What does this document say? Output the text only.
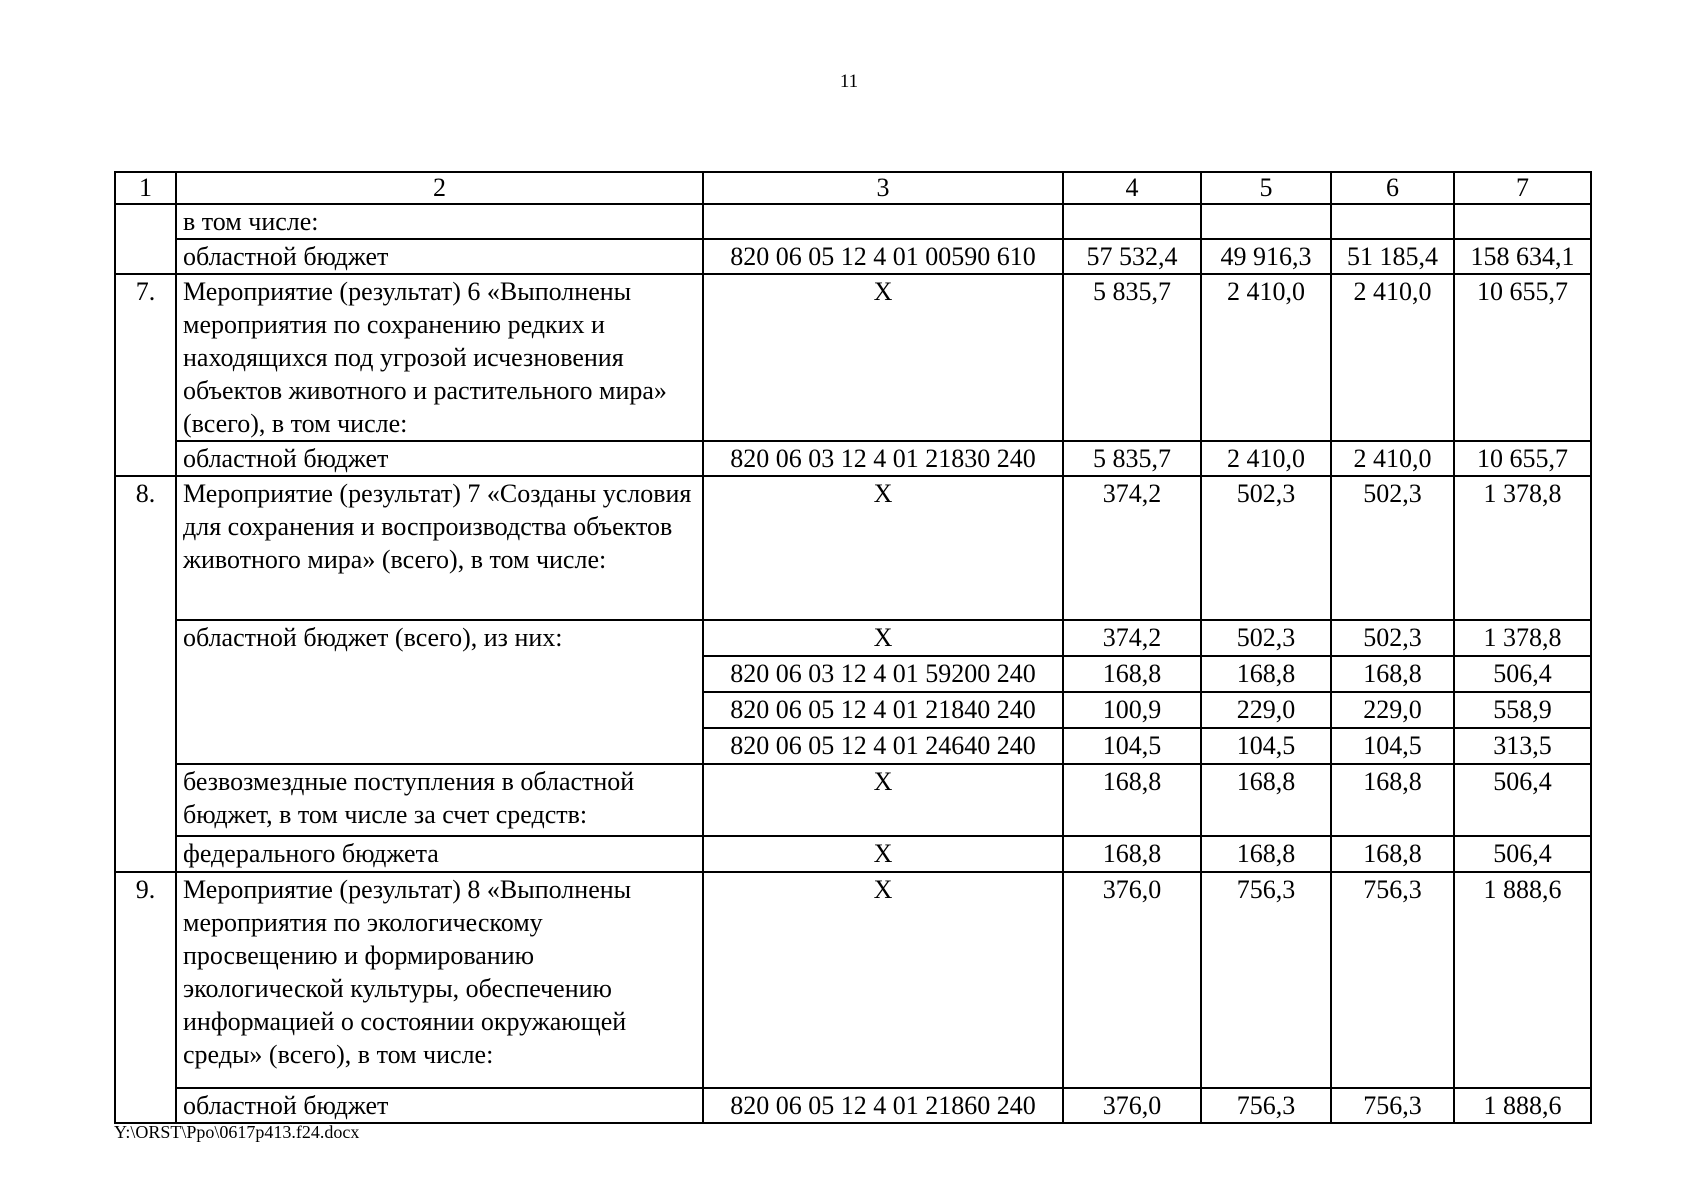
11
1	2	3	4	5	6	7
	в том числе:					
	областной бюджет	820 06 05 12 4 01 00590 610	57 532,4	49 916,3	51 185,4	158 634,1
7.	Мероприятие (результат) 6 «Выполнены мероприятия по сохранению редких и находящихся под угрозой исчезновения объектов животного и растительного мира» (всего), в том числе:	X	5 835,7	2 410,0	2 410,0	10 655,7
	областной бюджет	820 06 03 12 4 01 21830 240	5 835,7	2 410,0	2 410,0	10 655,7
8.	Мероприятие (результат) 7 «Созданы условия для сохранения и воспроизводства объектов животного мира» (всего), в том числе:	X	374,2	502,3	502,3	1 378,8
	областной бюджет (всего), из них:	X	374,2	502,3	502,3	1 378,8
		820 06 03 12 4 01 59200 240	168,8	168,8	168,8	506,4
		820 06 05 12 4 01 21840 240	100,9	229,0	229,0	558,9
		820 06 05 12 4 01 24640 240	104,5	104,5	104,5	313,5
	безвозмездные поступления в областной бюджет, в том числе за счет средств:	X	168,8	168,8	168,8	506,4
	федерального бюджета	X	168,8	168,8	168,8	506,4
9.	Мероприятие (результат) 8 «Выполнены мероприятия по экологическому просвещению и формированию экологической культуры, обеспечению информацией о состоянии окружающей среды» (всего), в том числе:	X	376,0	756,3	756,3	1 888,6
	областной бюджет	820 06 05 12 4 01 21860 240	376,0	756,3	756,3	1 888,6
Y:\ORST\Ppo\0617p413.f24.docx
